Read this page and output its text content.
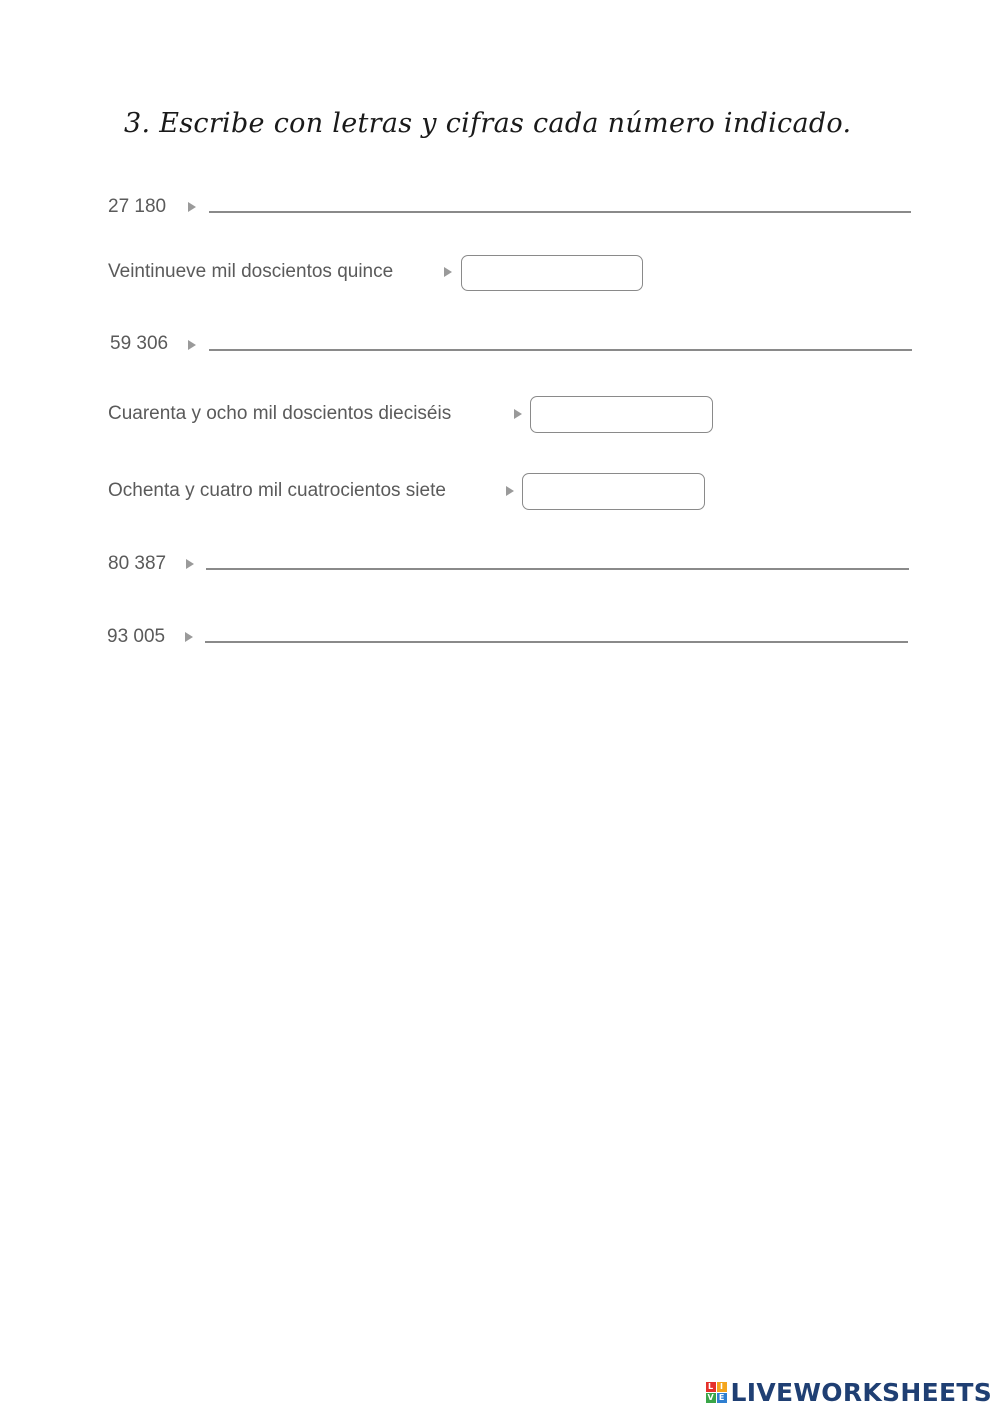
3. Escribe con letras y cifras cada número indicado.
27 180
Veintinueve mil doscientos quince
59 306
Cuarenta y ocho mil doscientos dieciséis
Ochenta y cuatro mil cuatrocientos siete
80 387
93 005
L I
V E LIVEWORKSHEETS
